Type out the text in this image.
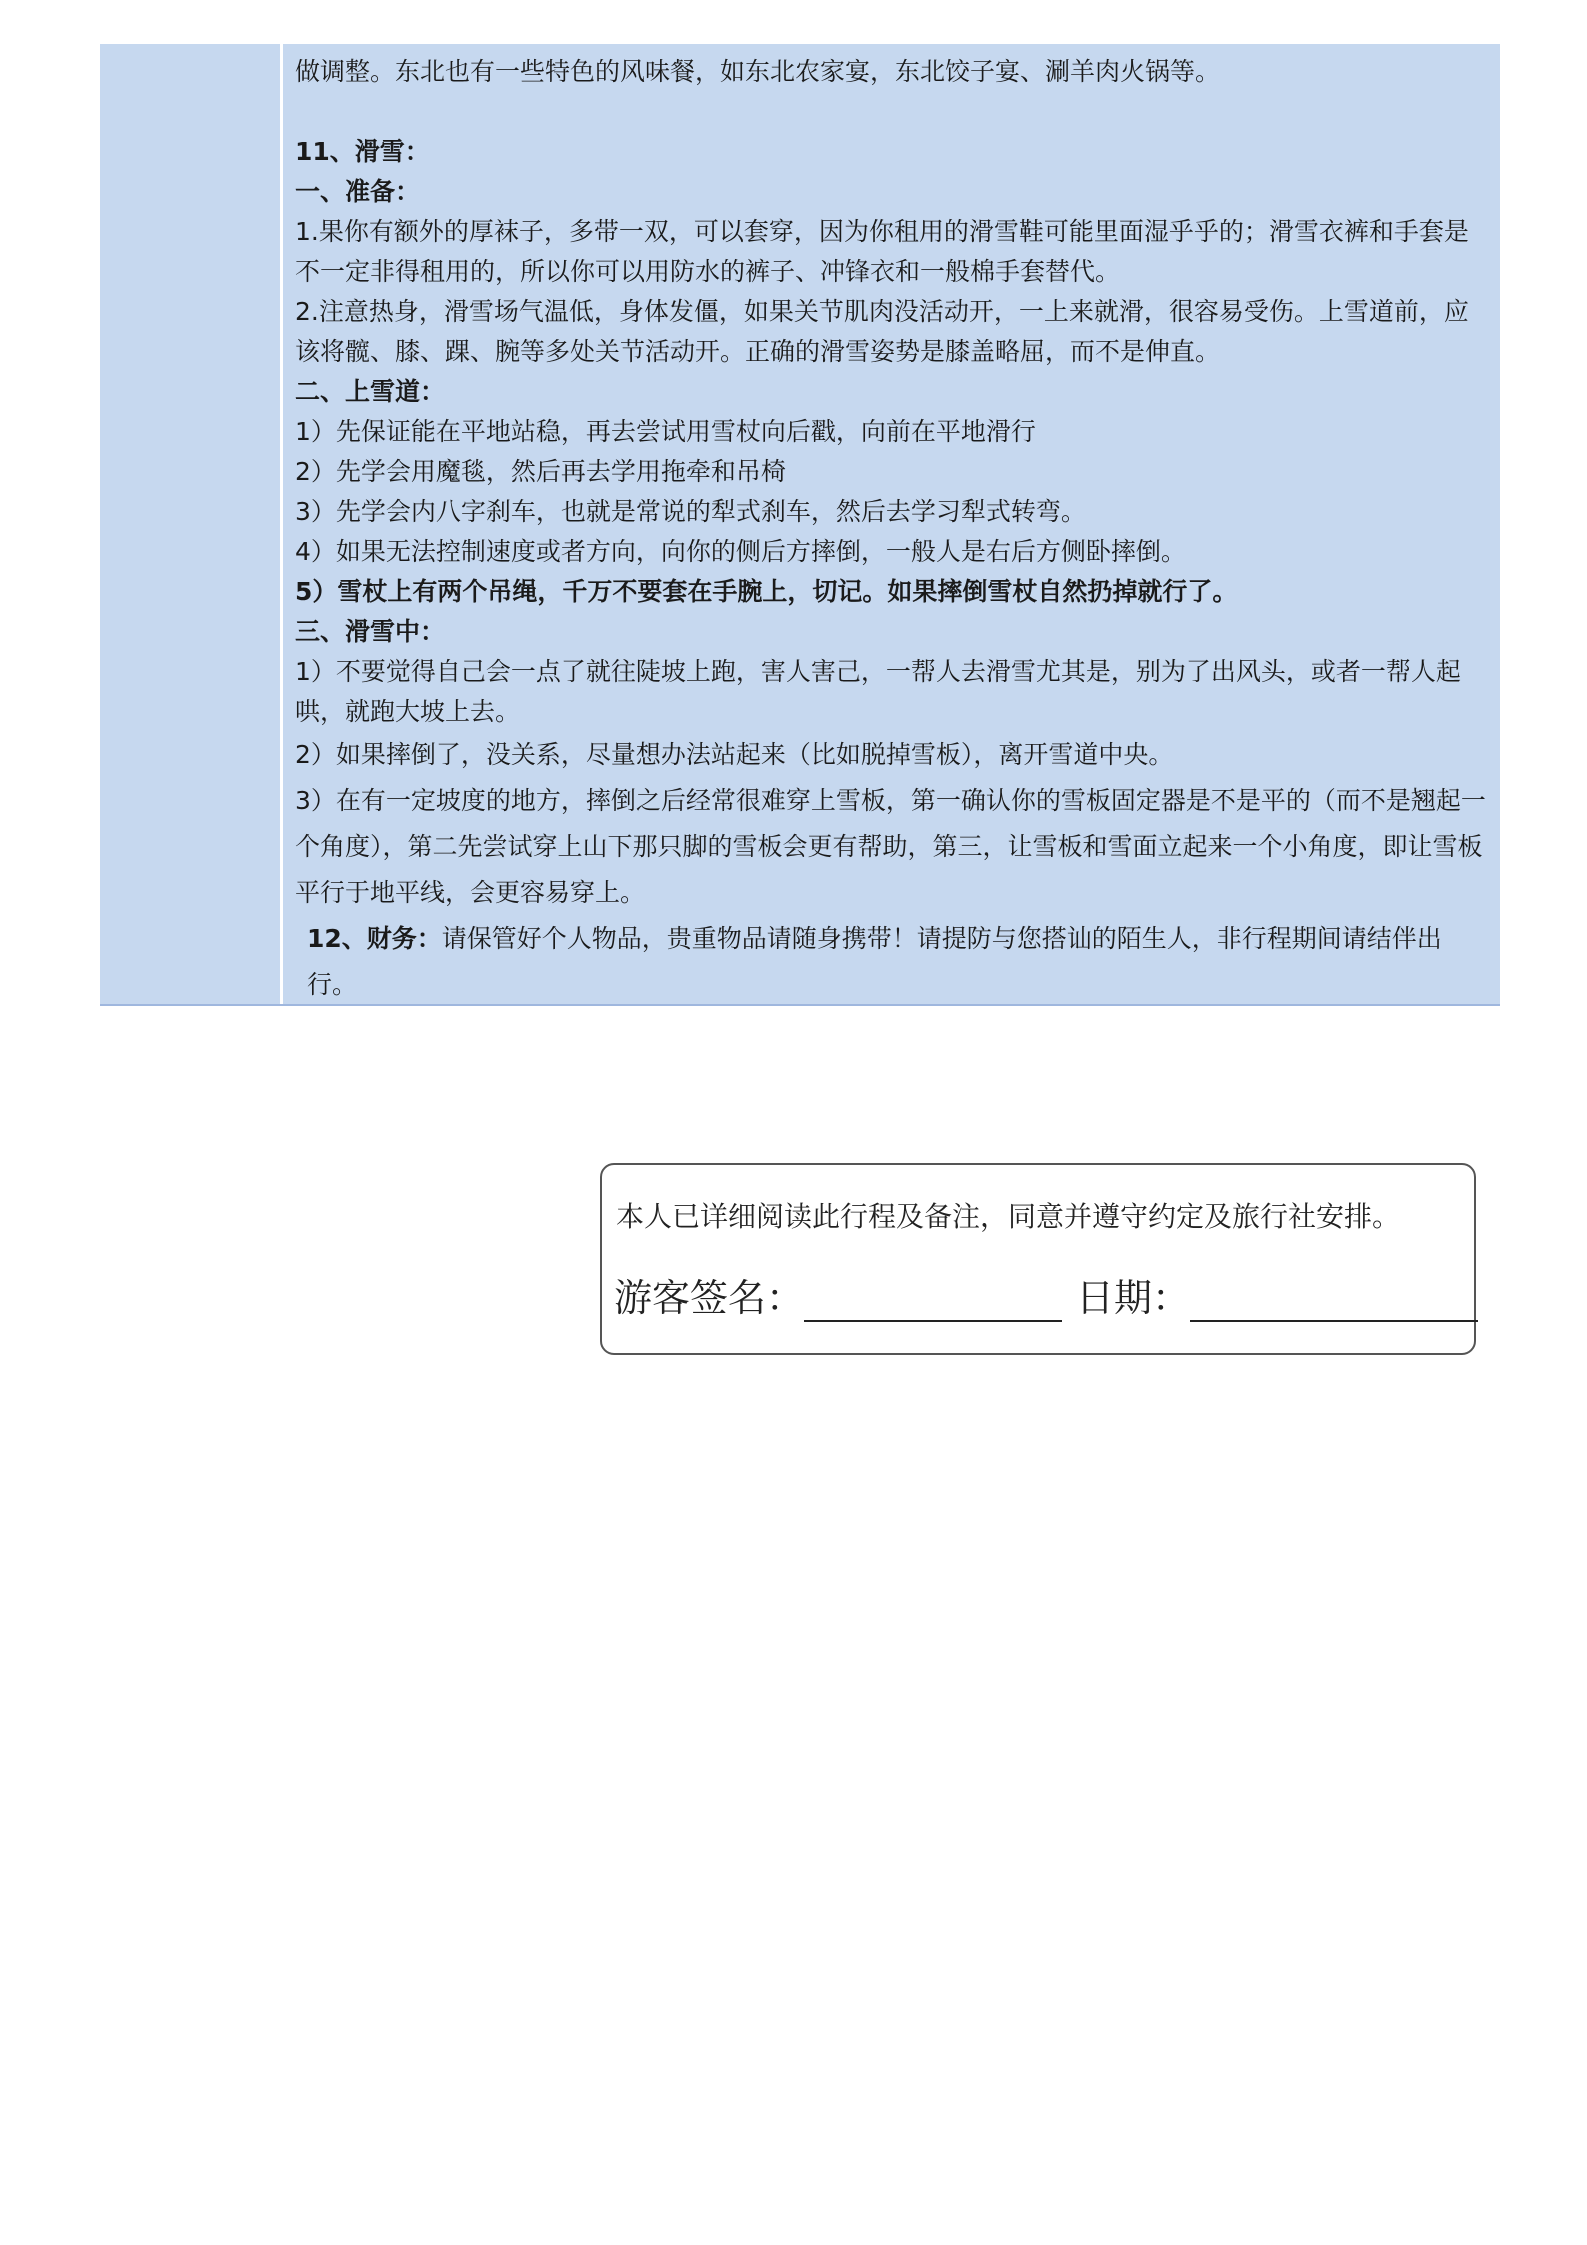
做调整。东北也有一些特色的风味餐，如东北农家宴，东北饺子宴、涮羊肉火锅等。

11、滑雪：

一、准备：

1.果你有额外的厚袜子，多带一双，可以套穿，因为你租用的滑雪鞋可能里面湿乎乎的；滑雪衣裤和手套是不一定非得租用的，所以你可以用防水的裤子、冲锋衣和一般棉手套替代。

2.注意热身，滑雪场气温低，身体发僵，如果关节肌肉没活动开，一上来就滑，很容易受伤。上雪道前，应该将髋、膝、踝、腕等多处关节活动开。正确的滑雪姿势是膝盖略屈，而不是伸直。

二、上雪道：

1）先保证能在平地站稳，再去尝试用雪杖向后戳，向前在平地滑行

2）先学会用魔毯，然后再去学用拖牵和吊椅

3）先学会内八字刹车，也就是常说的犁式刹车，然后去学习犁式转弯。

4）如果无法控制速度或者方向，向你的侧后方摔倒，一般人是右后方侧卧摔倒。

5）雪杖上有两个吊绳，千万不要套在手腕上，切记。如果摔倒雪杖自然扔掉就行了。

三、滑雪中：

1）不要觉得自己会一点了就往陡坡上跑，害人害己，一帮人去滑雪尤其是，别为了出风头，或者一帮人起哄，就跑大坡上去。

2）如果摔倒了，没关系，尽量想办法站起来（比如脱掉雪板），离开雪道中央。

3）在有一定坡度的地方，摔倒之后经常很难穿上雪板，第一确认你的雪板固定器是不是平的（而不是翘起一个角度），第二先尝试穿上山下那只脚的雪板会更有帮助，第三，让雪板和雪面立起来一个小角度，即让雪板平行于地平线，会更容易穿上。

12、财务：请保管好个人物品，贵重物品请随身携带！请提防与您搭讪的陌生人，非行程期间请结伴出行。

本人已详细阅读此行程及备注，同意并遵守约定及旅行社安排。
游客签名：	日期：
